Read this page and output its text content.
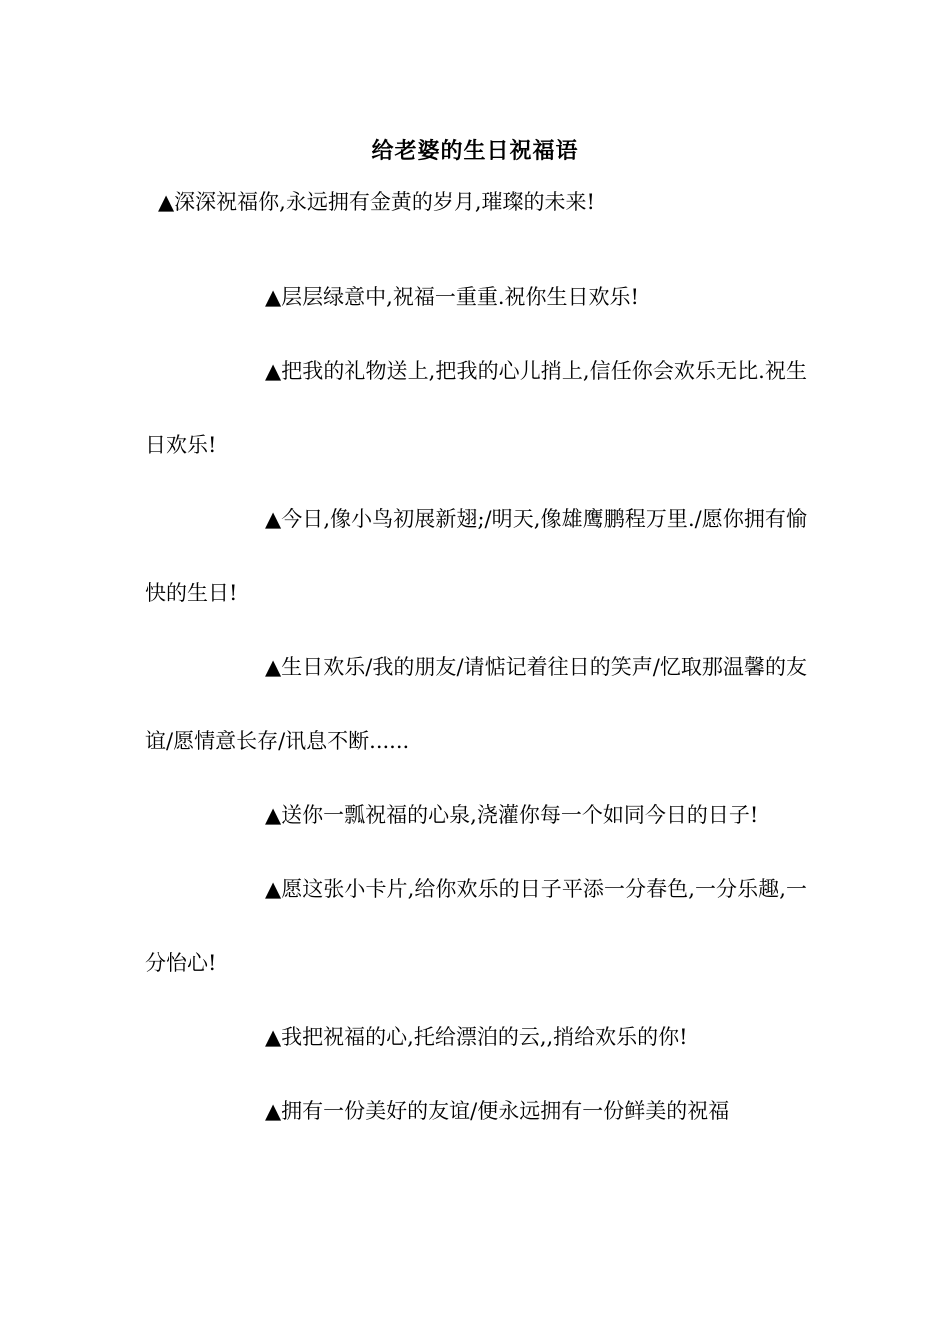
给老婆的生日祝福语
▲深深祝福你,永远拥有金黄的岁月,璀璨的未来!

▲层层绿意中,祝福一重重.祝你生日欢乐!

▲把我的礼物送上,把我的心儿捎上,信任你会欢乐无比.祝生日欢乐!

▲今日,像小鸟初展新翅;/明天,像雄鹰鹏程万里./愿你拥有愉快的生日!

▲生日欢乐/我的朋友/请惦记着往日的笑声/忆取那温馨的友谊/愿情意长存/讯息不断......

▲送你一瓢祝福的心泉,浇灌你每一个如同今日的日子!

▲愿这张小卡片,给你欢乐的日子平添一分春色,一分乐趣,一分怡心!

▲我把祝福的心,托给漂泊的云,,捎给欢乐的你!

▲拥有一份美好的友谊/便永远拥有一份鲜美的祝福
